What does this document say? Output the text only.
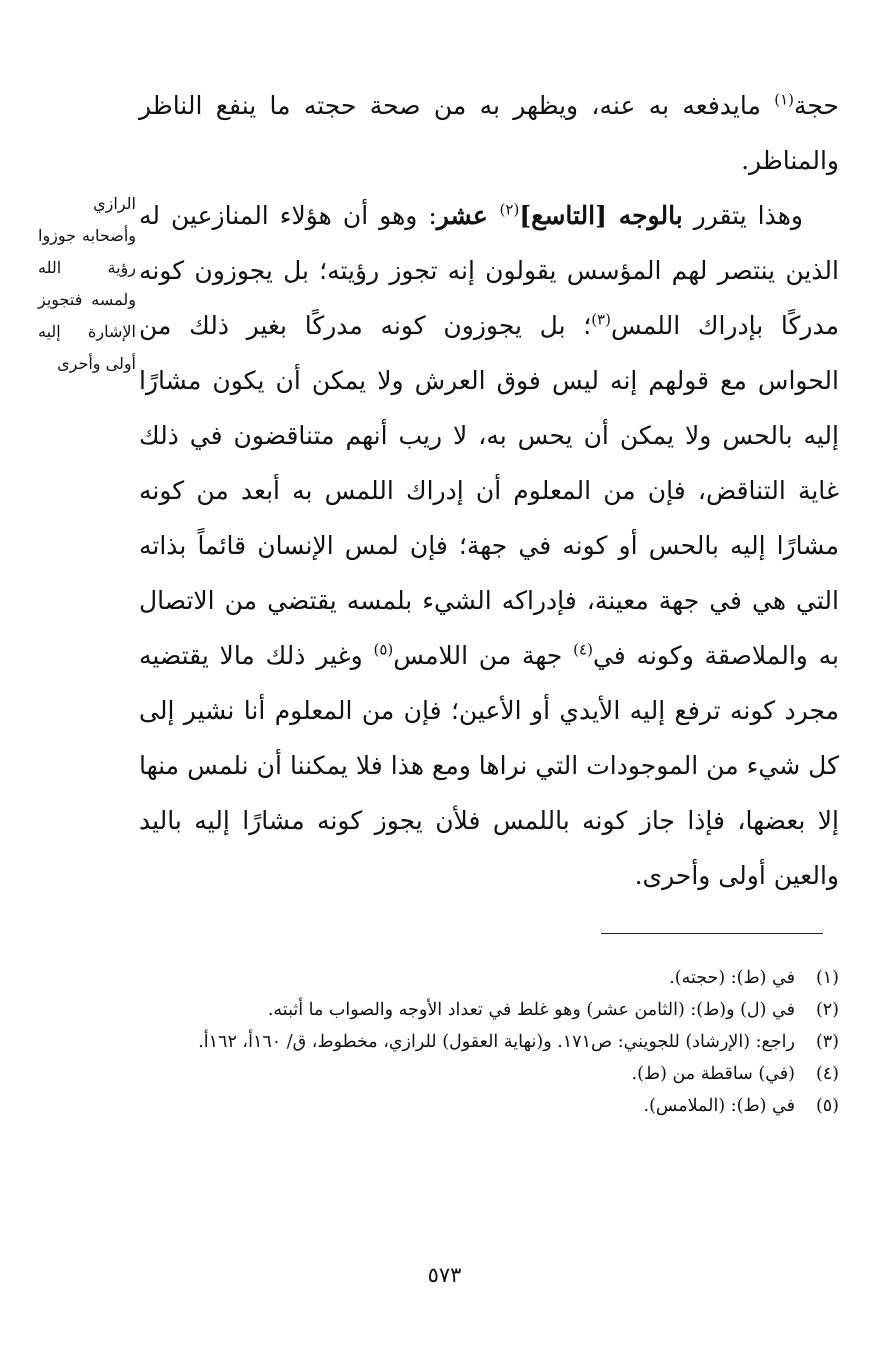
حجة$^{(١)}$ مايدفعه به عنه، ويظهر به من صحة حجته ما ينفع الناظر والمناظر.

وهذا يتقرر بالوجه [التاسع]$^{(٢)}$ عشر: وهو أن هؤلاء المنازعين له الذين ينتصر لهم المؤسس يقولون إنه تجوز رؤيته؛ بل يجوزون كونه مدركًا بإدراك اللمس$^{(٣)}$؛ بل يجوزون كونه مدركًا بغير ذلك من الحواس مع قولهم إنه ليس فوق العرش ولا يمكن أن يكون مشارًا إليه بالحس ولا يمكن أن يحس به، لا ريب أنهم متناقضون في ذلك غاية التناقض، فإن من المعلوم أن إدراك اللمس به أبعد من كونه مشارًا إليه بالحس أو كونه في جهة؛ فإن لمس الإنسان قائماً بذاته التي هي في جهة معينة، فإدراكه الشيء بلمسه يقتضي من الاتصال به والملاصقة وكونه في$^{(٤)}$ جهة من اللامس$^{(٥)}$ وغير ذلك مالا يقتضيه مجرد كونه ترفع إليه الأيدي أو الأعين؛ فإن من المعلوم أنا نشير إلى كل شيء من الموجودات التي نراها ومع هذا فلا يمكننا أن نلمس منها إلا بعضها، فإذا جاز كونه باللمس فلأن يجوز كونه مشارًا إليه باليد والعين أولى وأحرى.

الرازي وأصحابه جوزوا رؤية الله ولمسه فتجويز الإشارة إليه أولى وأحرى
(١)
في (ط): (حجته).
(٢)
في (ل) و(ط): (الثامن عشر) وهو غلط في تعداد الأوجه والصواب ما أثبته.
(٣)
راجع: (الإرشاد) للجويني: ص١٧١. و(نهاية العقول) للرازي، مخطوط، ق/ ١٦٠أ، ١٦٢أ.
(٤)
(في) ساقطة من (ط).
(٥)
في (ط): (الملامس).
٥٧٣
